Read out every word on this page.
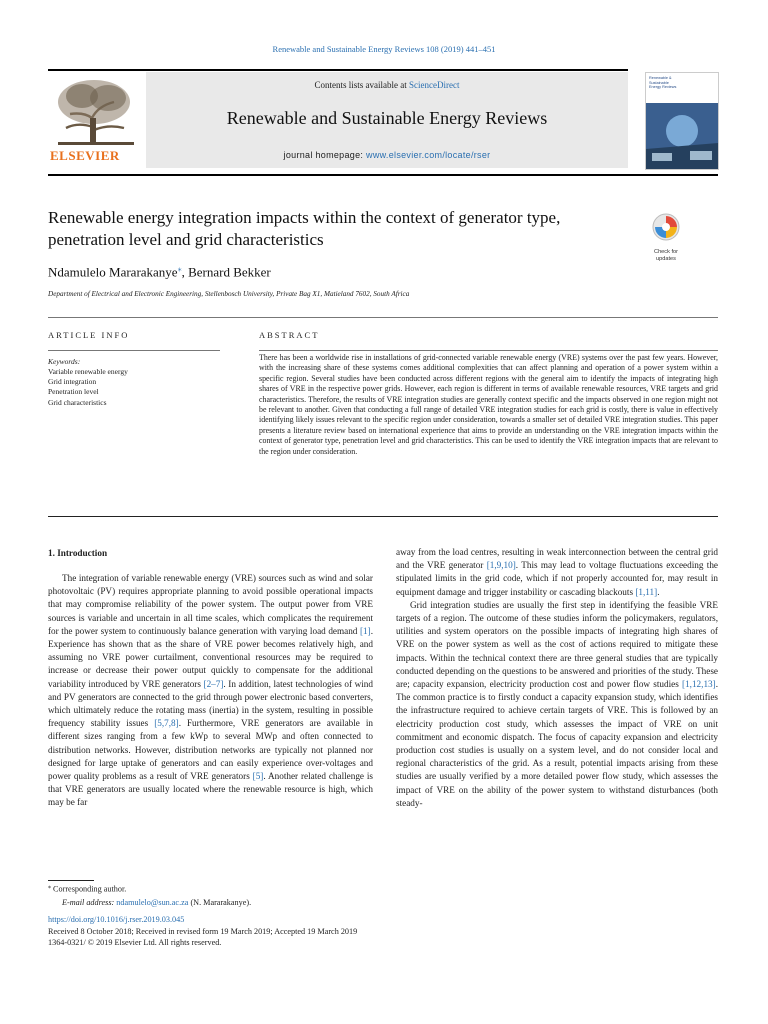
Renewable and Sustainable Energy Reviews 108 (2019) 441–451
ELSEVIER
Contents lists available at ScienceDirect
Renewable and Sustainable Energy Reviews
journal homepage: www.elsevier.com/locate/rser
Renewable &
Sustainable
Energy Reviews
Renewable energy integration impacts within the context of generator type, penetration level and grid characteristics
Check for
updates
Ndamulelo Mararakanye⁎, Bernard Bekker
Department of Electrical and Electronic Engineering, Stellenbosch University, Private Bag X1, Matieland 7602, South Africa
ARTICLE INFO	ABSTRACT
Keywords:
Variable renewable energy
Grid integration
Penetration level
Grid characteristics
There has been a worldwide rise in installations of grid-connected variable renewable energy (VRE) systems over the past few years. However, with the increasing share of these systems comes additional complexities that can affect planning and operation of a power system within a specific region. Several studies have been conducted across different regions with the general aim to identify the impacts of integrating high shares of VRE in the respective power grids. However, each region is different in terms of available renewable resources, VRE targets and grid characteristics. Therefore, the results of VRE integration studies are generally context specific and the impacts observed in one region might not be relevant to another. Given that conducting a full range of detailed VRE integration studies for each grid is costly, there is value in effectively identifying likely issues relevant to the specific region under consideration, towards a smaller set of detailed VRE integration studies. This paper presents a literature review based on international experience that aims to provide an understanding on the VRE integration impacts within the context of generator type, penetration level and grid characteristics. This can be used to identify the VRE integration impacts that are relevant to the region under consideration.
1. Introduction

The integration of variable renewable energy (VRE) sources such as wind and solar photovoltaic (PV) requires appropriate planning to avoid possible operational impacts that may compromise reliability of the power system. The output power from VRE sources is variable and uncertain in all time scales, which complicates the requirement for the power system to continuously balance generation with varying load demand [1]. Experience has shown that as the share of VRE power becomes relatively high, and assuming no VRE power curtailment, conventional resources may be required to increase or decrease their power output quickly to compensate for the additional variability introduced by VRE generators [2–7]. In addition, latest technologies of wind and PV generators are connected to the grid through power electronic based converters, which ultimately reduce the rotating mass (inertia) in the system, resulting in possible frequency stability issues [5,7,8]. Furthermore, VRE generators are available in different sizes ranging from a few kWp to several MWp and often connected to distribution networks. However, distribution networks are typically not planned nor designed for large uptake of generators and can easily experience over-voltages and power quality problems as a result of VRE generators [5]. Another related challenge is that VRE generators are usually located where the renewable resource is high, which may be far

away from the load centres, resulting in weak interconnection between the central grid and the VRE generator [1,9,10]. This may lead to voltage fluctuations exceeding the stipulated limits in the grid code, which if not properly accounted for, may result in equipment damage and trigger instability or cascading blackouts [1,11].

Grid integration studies are usually the first step in identifying the feasible VRE targets of a region. The outcome of these studies inform the policymakers, regulators, utilities and system operators on the possible impacts of integrating high shares of VRE on the power system as well as the cost of actions required to mitigate these impacts. Within the technical context there are three general studies that are typically conducted depending on the questions to be answered and priorities of the study. These are; capacity expansion, electricity production cost and power flow studies [1,12,13]. The common practice is to firstly conduct a capacity expansion study, which identifies the infrastructure required to achieve certain targets of VRE. This is followed by an electricity production cost study, which assesses the impact of VRE on unit commitment and economic dispatch. The focus of capacity expansion and electricity production cost studies is usually on a system level, and do not consider local and regional characteristics of the grid. As a result, potential impacts arising from these studies are usually verified by a more detailed power flow study, which assesses the impact of VRE on the ability of the power system to withstand disturbances (both steady-

⁎ Corresponding author.
E-mail address: ndamulelo@sun.ac.za (N. Mararakanye).
https://doi.org/10.1016/j.rser.2019.03.045
Received 8 October 2018; Received in revised form 19 March 2019; Accepted 19 March 2019
1364-0321/ © 2019 Elsevier Ltd. All rights reserved.
